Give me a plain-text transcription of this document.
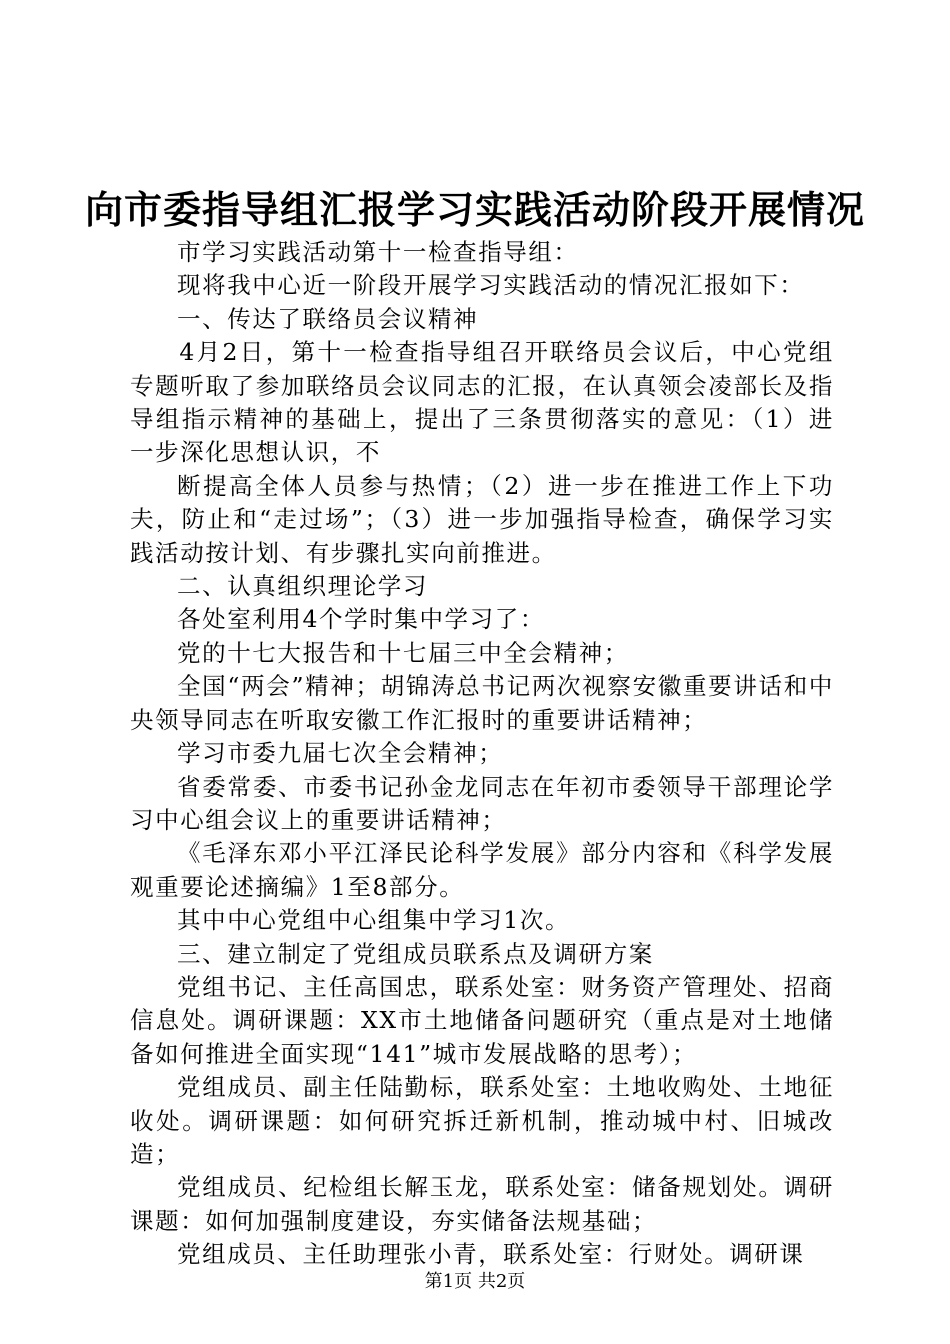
向市委指导组汇报学习实践活动阶段开展情况

市学习实践活动第十一检查指导组：

现将我中心近一阶段开展学习实践活动的情况汇报如下：

一、传达了联络员会议精神

4月2日，第十一检查指导组召开联络员会议后，中心党组专题听取了参加联络员会议同志的汇报，在认真领会凌部长及指导组指示精神的基础上，提出了三条贯彻落实的意见：（1）进一步深化思想认识，不

断提高全体人员参与热情；（2）进一步在推进工作上下功夫，防止和“走过场”；（3）进一步加强指导检查，确保学习实践活动按计划、有步骤扎实向前推进。

二、认真组织理论学习

各处室利用4个学时集中学习了：

党的十七大报告和十七届三中全会精神；

全国“两会”精神；胡锦涛总书记两次视察安徽重要讲话和中央领导同志在听取安徽工作汇报时的重要讲话精神；

学习市委九届七次全会精神；

省委常委、市委书记孙金龙同志在年初市委领导干部理论学习中心组会议上的重要讲话精神；

《毛泽东邓小平江泽民论科学发展》部分内容和《科学发展观重要论述摘编》1至8部分。

其中中心党组中心组集中学习1次。

三、建立制定了党组成员联系点及调研方案

党组书记、主任高国忠，联系处室：财务资产管理处、招商信息处。调研课题：XX市土地储备问题研究（重点是对土地储备如何推进全面实现“141”城市发展战略的思考）；

党组成员、副主任陆勤标，联系处室：土地收购处、土地征收处。调研课题：如何研究拆迁新机制，推动城中村、旧城改造；

党组成员、纪检组长解玉龙，联系处室：储备规划处。调研课题：如何加强制度建设，夯实储备法规基础；

党组成员、主任助理张小青，联系处室：行财处。调研课

第1页 共2页
